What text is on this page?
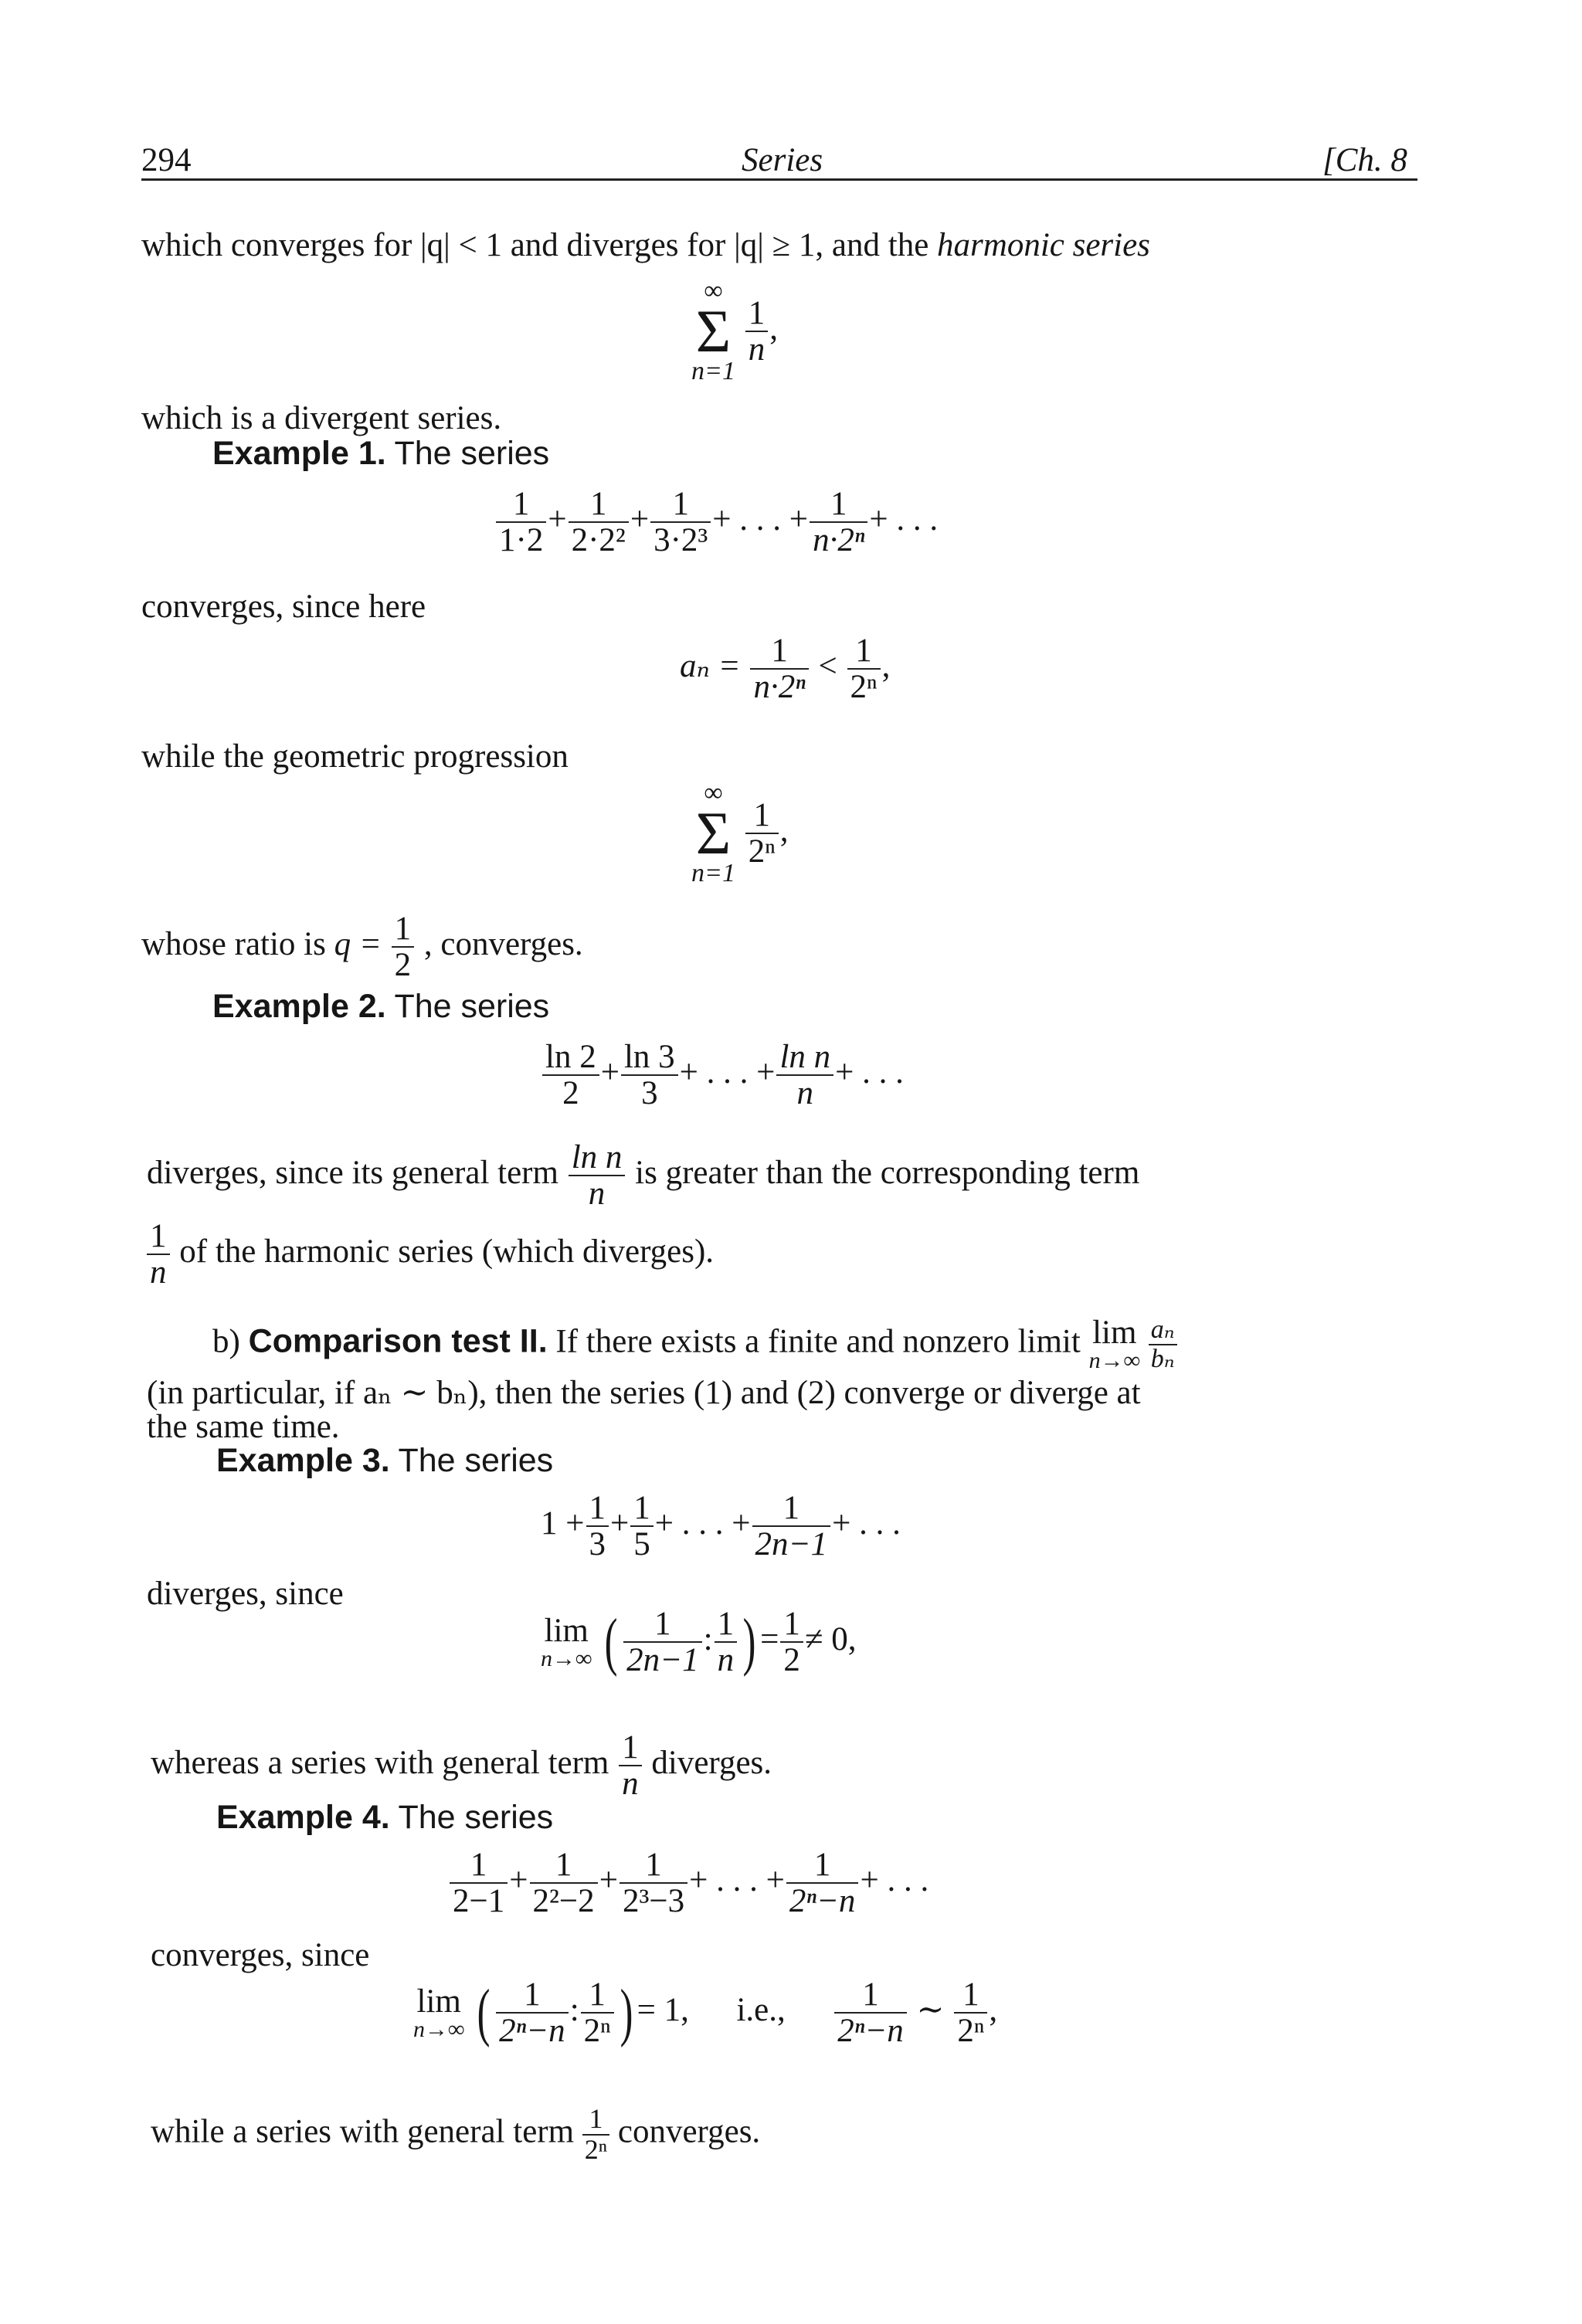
294	Series	[Ch. 8
which converges for |q| < 1 and diverges for |q| ≥ 1, and the harmonic series
∞
Σ
n=1

$\frac{1}{n}$ ,
which is a divergent series.
Example 1. The series
$\frac{1}{1\cdot 2} + \frac{1}{\text{2·2²}} + \frac{1}{\text{3·2³}}$ + . . . + $\frac{1}{\text{n·2ⁿ}}$ + . . .
converges, since here
$a_n = \frac{1}{\text{n·2ⁿ}} < \frac{1}{\text{2ⁿ}}$ ,
while the geometric progression
∞
Σ
n=1

$\frac{1}{\text{2ⁿ}}$ ,
whose ratio is $q = \frac{1}{2}$ , converges.
Example 2. The series
$\frac{\ln 2}{2} + \frac{\ln 3}{3}$ + . . . + $\frac{\text{ln n}}{n}$ + . . .
diverges, since its general term $\frac{\text{ln n}}{n}$ is greater than the corresponding term
$\frac{1}{n}$ of the harmonic series (which diverges).
b) Comparison test II. If there exists a finite and nonzero limit lim
n→∞
$\frac{\text{aₙ}}{\text{bₙ}}$
(in particular, if aₙ ∼ bₙ), then the series (1) and (2) converge or diverge at
the same time.
Example 3. The series
$1 + \frac{1}{3} + \frac{1}{5}$ + . . . + $\frac{1}{2n-1}$ + . . .
diverges, since
lim
n→∞ ( $\frac{1}{2n-1}$ : $\frac{1}{n}$ ) = $\frac{1}{2} \ne 0$,
whereas a series with general term $\frac{1}{n}$ diverges.
Example 4. The series
$\frac{1}{2-1} + \frac{1}{\text{2²−2}} + \frac{1}{\text{2³−3}}$ + . . . + $\frac{1}{\text{2ⁿ−n}}$ + . . .
converges, since
lim
n→∞ ( $\frac{1}{\text{2ⁿ−n}}$ : $\frac{1}{\text{2ⁿ}}$ ) = 1, i.e., $\frac{1}{\text{2ⁿ−n}}$ ∼ $\frac{1}{\text{2ⁿ}}$ ,
while a series with general term $\frac{1}{\text{2ⁿ}}$ converges.
